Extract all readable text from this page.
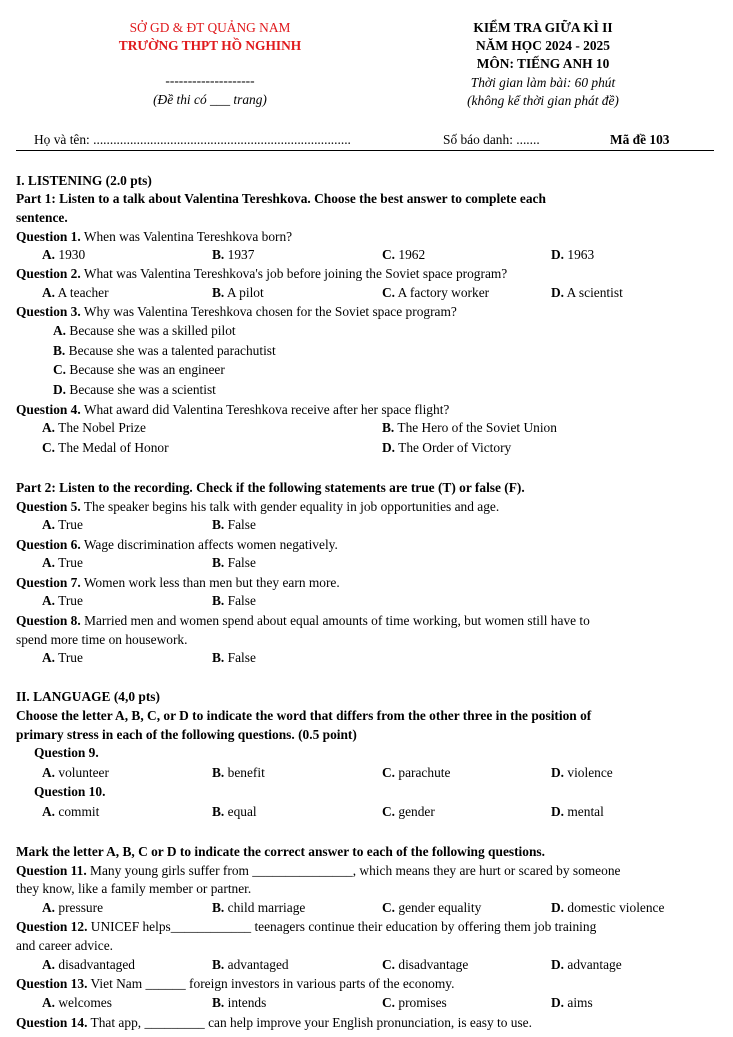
SỞ GD & ĐT QUẢNG NAM
TRƯỜNG THPT HỒ NGHINH
--------------------
(Đề thi có ___ trang)
KIỂM TRA GIỮA KÌ II
NĂM HỌC 2024 - 2025
MÔN: TIẾNG ANH 10
Thời gian làm bài: 60 phút
(không kể thời gian phát đề)
Họ và tên: .............................................................................	Số báo danh: .......	Mã đề 103
I. LISTENING (2.0 pts)
Part 1: Listen to a talk about Valentina Tereshkova. Choose the best answer to complete each
sentence.
Question 1. When was Valentina Tereshkova born?
A. 1930	B. 1937	C. 1962	D. 1963
Question 2. What was Valentina Tereshkova's job before joining the Soviet space program?
A. A teacher	B. A pilot	C. A factory worker	D. A scientist
Question 3. Why was Valentina Tereshkova chosen for the Soviet space program?
A. Because she was a skilled pilot
B. Because she was a talented parachutist
C. Because she was an engineer
D. Because she was a scientist
Question 4. What award did Valentina Tereshkova receive after her space flight?
A. The Nobel Prize	B. The Hero of the Soviet Union
C. The Medal of Honor	D. The Order of Victory
Part 2: Listen to the recording. Check if the following statements are true (T) or false (F).
Question 5. The speaker begins his talk with gender equality in job opportunities and age.
A. True	B. False
Question 6. Wage discrimination affects women negatively.
A. True	B. False
Question 7. Women work less than men but they earn more.
A. True	B. False
Question 8. Married men and women spend about equal amounts of time working, but women still have to
spend more time on housework.
A. True	B. False
II. LANGUAGE (4,0 pts)
Choose the letter A, B, C, or D to indicate the word that differs from the other three in the position of
primary stress in each of the following questions. (0.5 point)
Question 9.
A. volunteer	B. benefit	C. parachute	D. violence
Question 10.
A. commit	B. equal	C. gender	D. mental
Mark the letter A, B, C or D to indicate the correct answer to each of the following questions.
Question 11. Many young girls suffer from _______________, which means they are hurt or scared by someone
they know, like a family member or partner.
A. pressure	B. child marriage	C. gender equality	D. domestic violence
Question 12. UNICEF helps____________ teenagers continue their education by offering them job training
and career advice.
A. disadvantaged	B. advantaged	C. disadvantage	D. advantage
Question 13. Viet Nam ______ foreign investors in various parts of the economy.
A. welcomes	B. intends	C. promises	D. aims
Question 14. That app, _________ can help improve your English pronunciation, is easy to use.
